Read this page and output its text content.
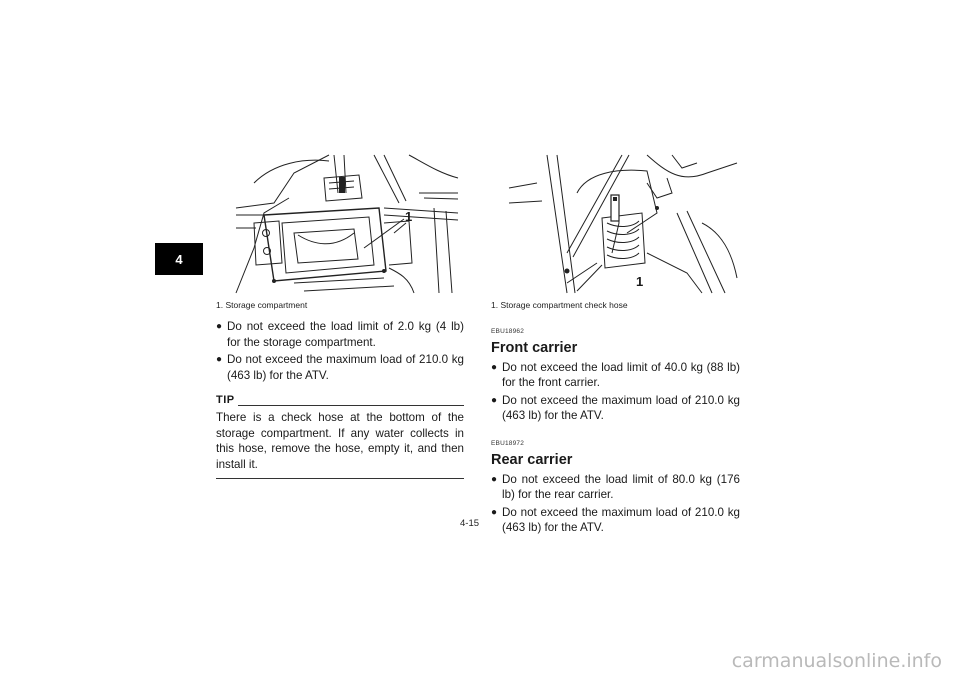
4
1
1. Storage compartment
● Do not exceed the load limit of 2.0 kg (4 lb) for the storage compartment.
● Do not exceed the maximum load of 210.0 kg (463 lb) for the ATV.
TIP
There is a check hose at the bottom of the storage compartment. If any water collects in this hose, remove the hose, empty it, and then install it.
1
1. Storage compartment check hose
EBU18962
Front carrier
● Do not exceed the load limit of 40.0 kg (88 lb) for the front carrier.
● Do not exceed the maximum load of 210.0 kg (463 lb) for the ATV.
EBU18972
Rear carrier
● Do not exceed the load limit of 80.0 kg (176 lb) for the rear carrier.
● Do not exceed the maximum load of 210.0 kg (463 lb) for the ATV.
4-15
carmanualsonline.info
